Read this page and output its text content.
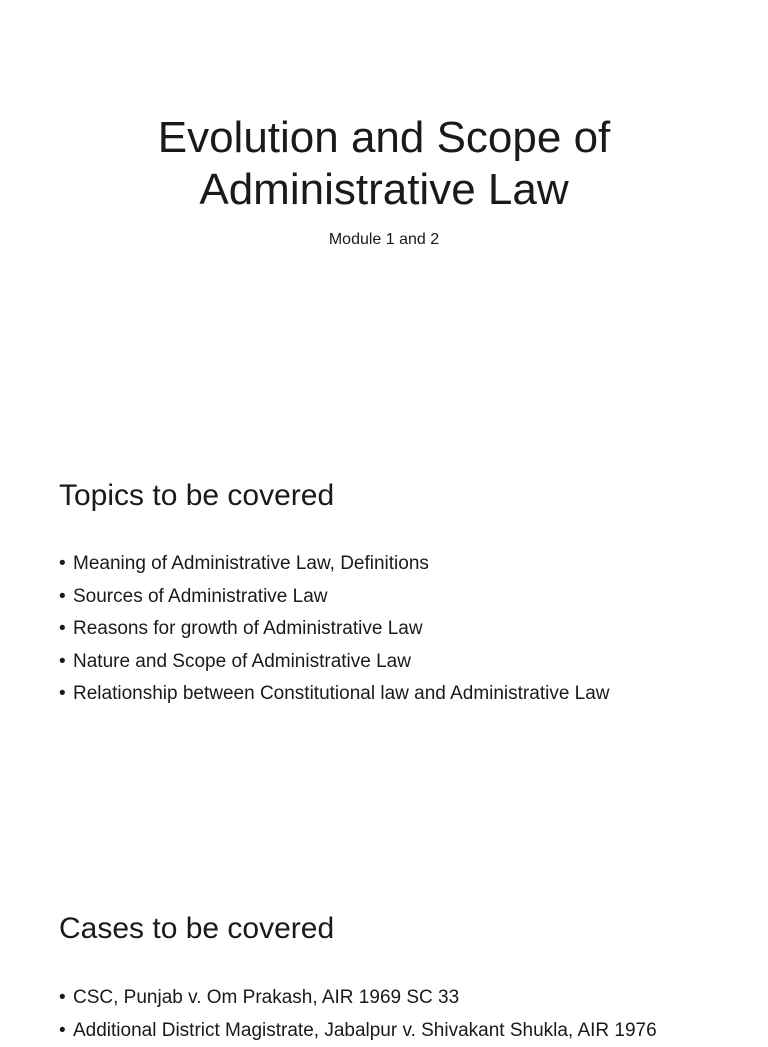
Evolution and Scope of
Administrative Law
Module 1 and 2
Topics to be covered
• Meaning of Administrative Law, Definitions
• Sources of Administrative Law
• Reasons for growth of Administrative Law
• Nature and Scope of Administrative Law
• Relationship between Constitutional law and Administrative Law
Cases to be covered
• CSC, Punjab v. Om Prakash, AIR 1969 SC 33
• Additional District Magistrate, Jabalpur v. Shivakant Shukla, AIR 1976
